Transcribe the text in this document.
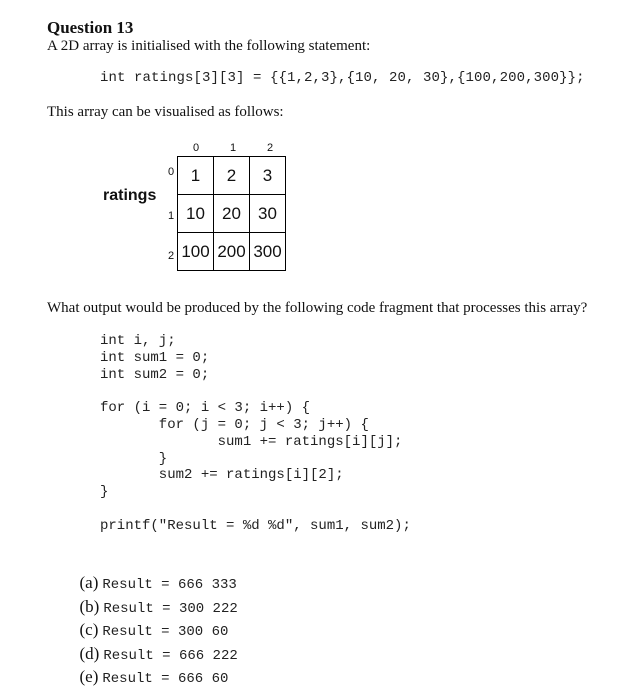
Question 13
A 2D array is initialised with the following statement:
int ratings[3][3] = {{1,2,3},{10, 20, 30},{100,200,300}};
This array can be visualised as follows:
ratings
0	1	2
0
1
2
1	2	3
10	20	30
100	200	300
What output would be produced by the following code fragment that processes this array?
int i, j;
int sum1 = 0;
int sum2 = 0;
for (i = 0; i < 3; i++) {
for (j = 0; j < 3; j++) {
sum1 += ratings[i][j];
}
sum2 += ratings[i][2];
}
printf("Result = %d %d", sum1, sum2);

(a) Result = 666 333

(b) Result = 300 222

(c) Result = 300 60

(d) Result = 666 222

(e) Result = 666 60
